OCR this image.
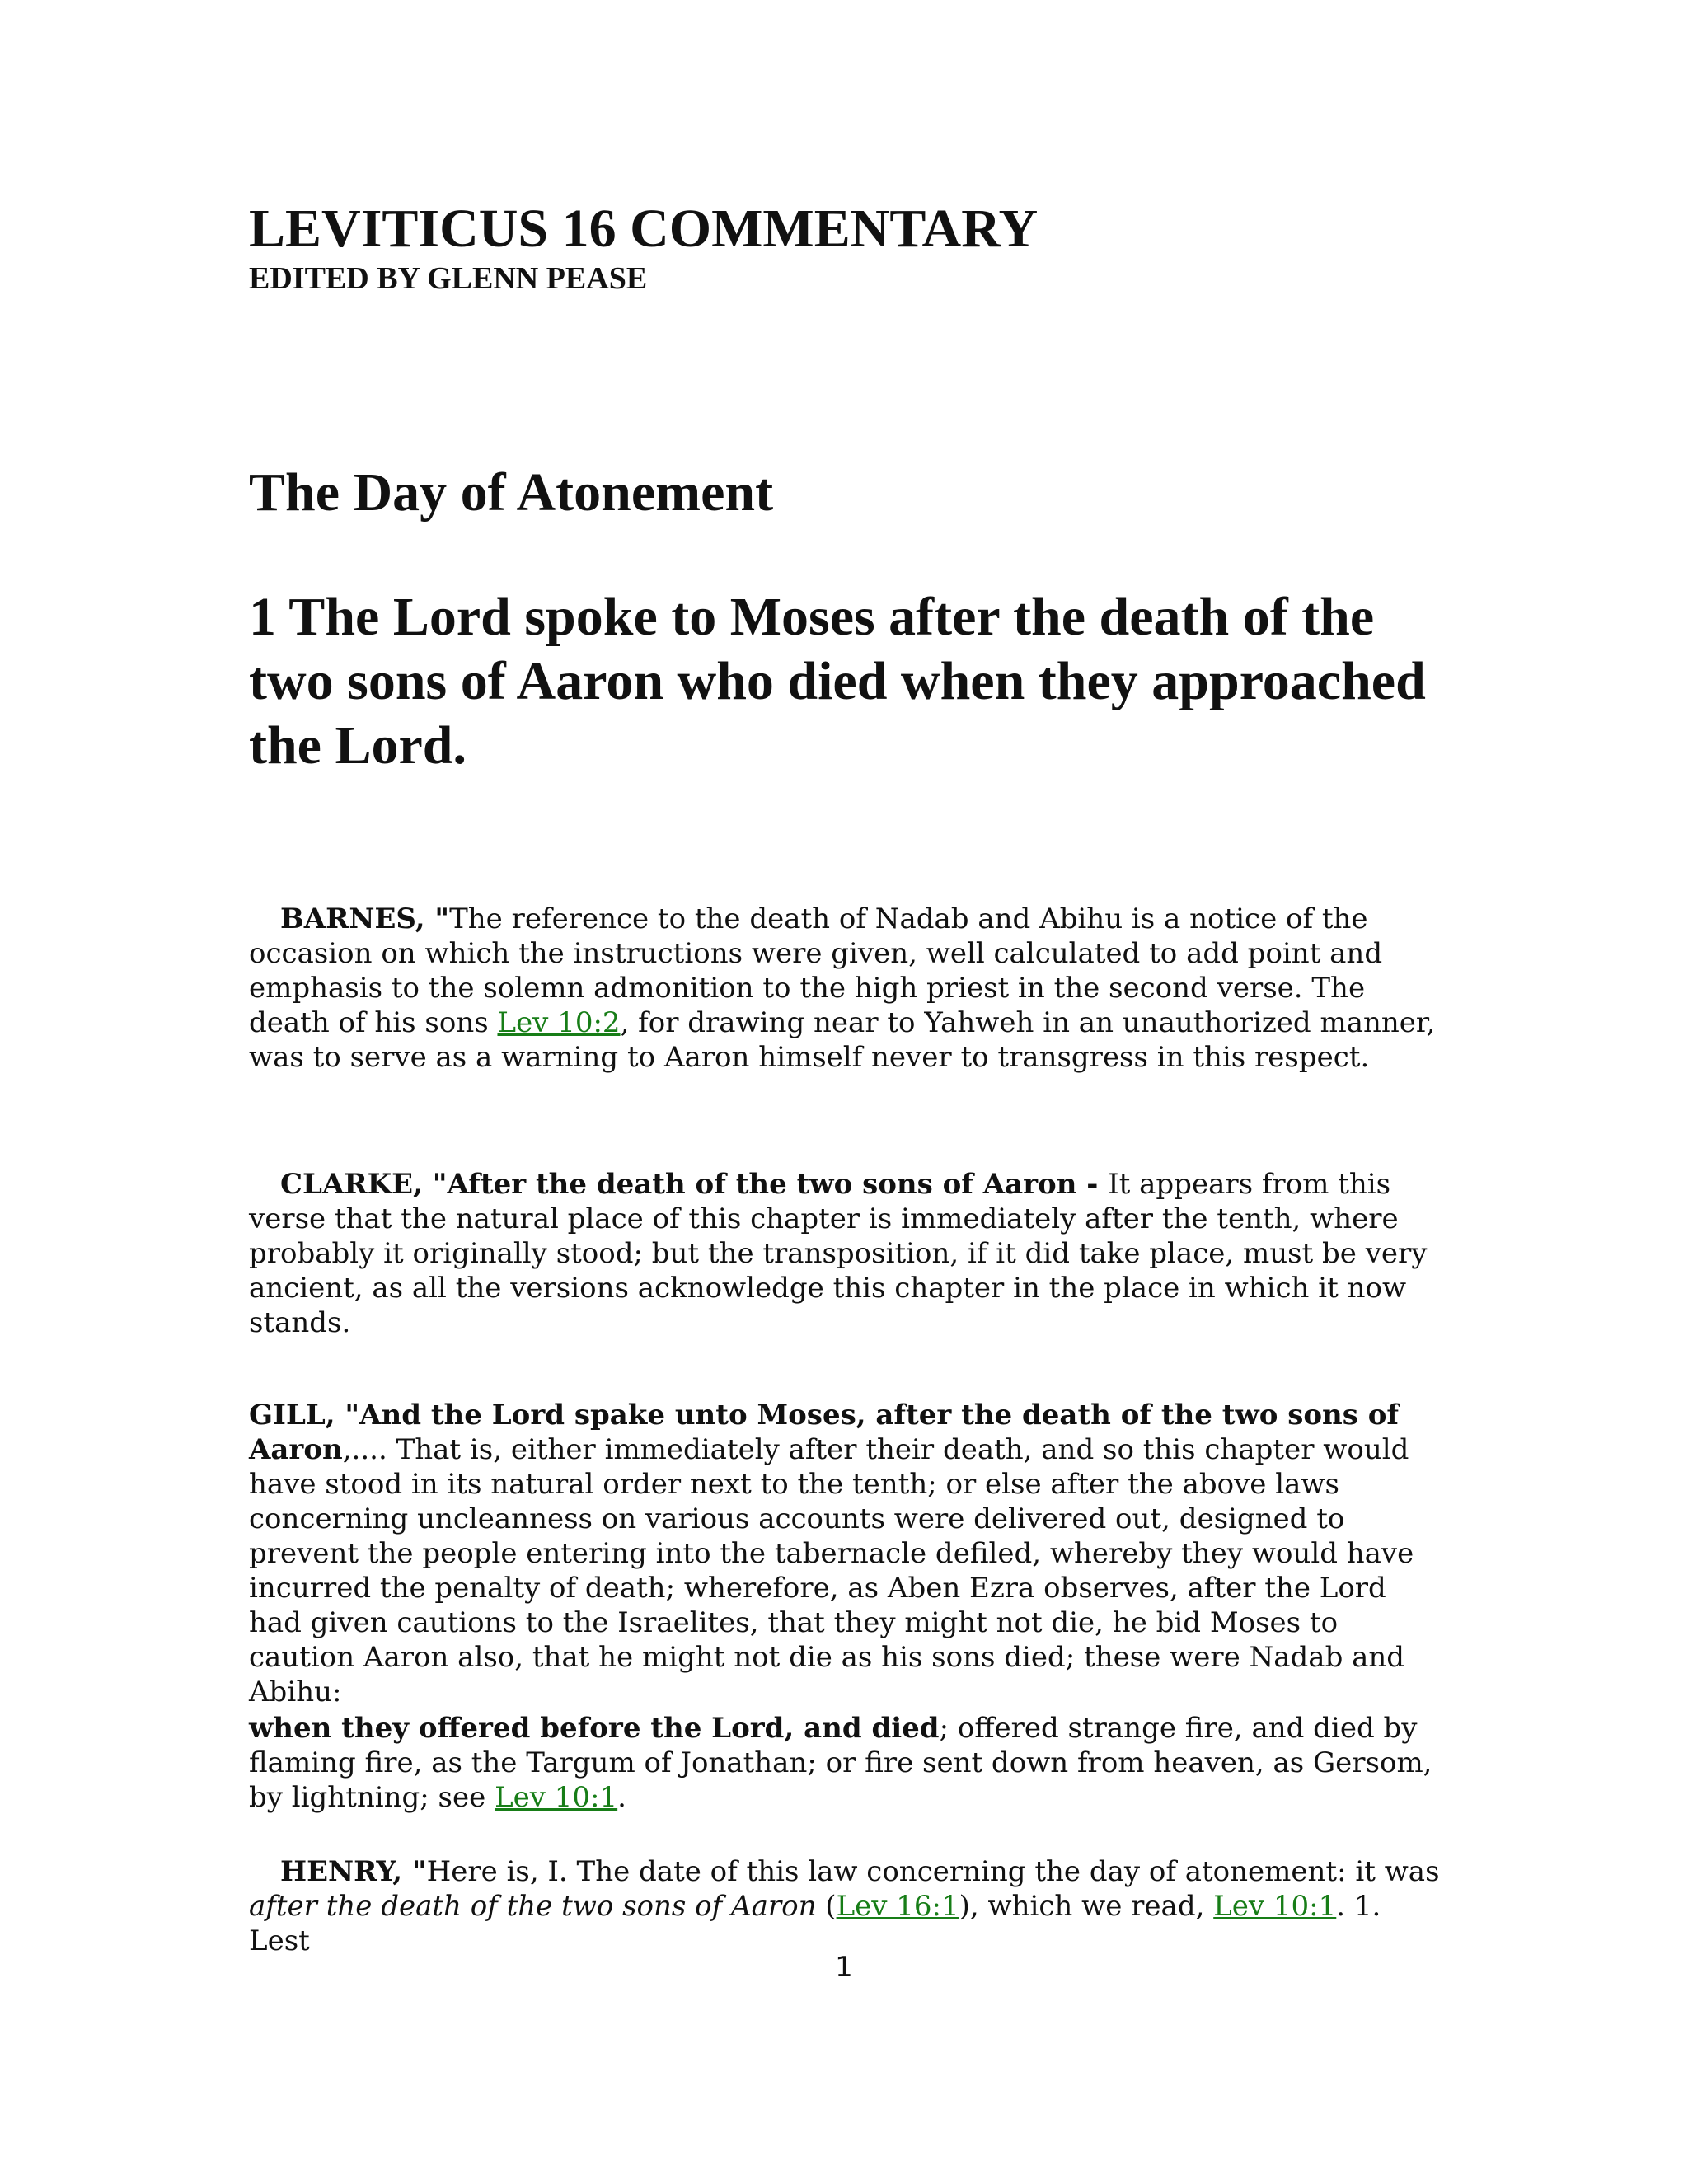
LEVITICUS 16 COMMENTARY
EDITED BY GLENN PEASE
The Day of Atonement
1 The Lord spoke to Moses after the death of the two sons of Aaron who died when they approached the Lord.

BARNES, "The reference to the death of Nadab and Abihu is a notice of the occasion on which the instructions were given, well calculated to add point and emphasis to the solemn admonition to the high priest in the second verse. The death of his sons Lev 10:2, for drawing near to Yahweh in an unauthorized manner, was to serve as a warning to Aaron himself never to transgress in this respect.

CLARKE, "After the death of the two sons of Aaron - It appears from this verse that the natural place of this chapter is immediately after the tenth, where probably it originally stood; but the transposition, if it did take place, must be very ancient, as all the versions acknowledge this chapter in the place in which it now stands.

GILL, "And the Lord spake unto Moses, after the death of the two sons of Aaron,.... That is, either immediately after their death, and so this chapter would have stood in its natural order next to the tenth; or else after the above laws concerning uncleanness on various accounts were delivered out, designed to prevent the people entering into the tabernacle defiled, whereby they would have incurred the penalty of death; wherefore, as Aben Ezra observes, after the Lord had given cautions to the Israelites, that they might not die, he bid Moses to caution Aaron also, that he might not die as his sons died; these were Nadab and Abihu:

when they offered before the Lord, and died; offered strange fire, and died by flaming fire, as the Targum of Jonathan; or fire sent down from heaven, as Gersom, by lightning; see Lev 10:1.

HENRY, "Here is, I. The date of this law concerning the day of atonement: it was after the death of the two sons of Aaron (Lev 16:1), which we read, Lev 10:1. 1. Lest

1
